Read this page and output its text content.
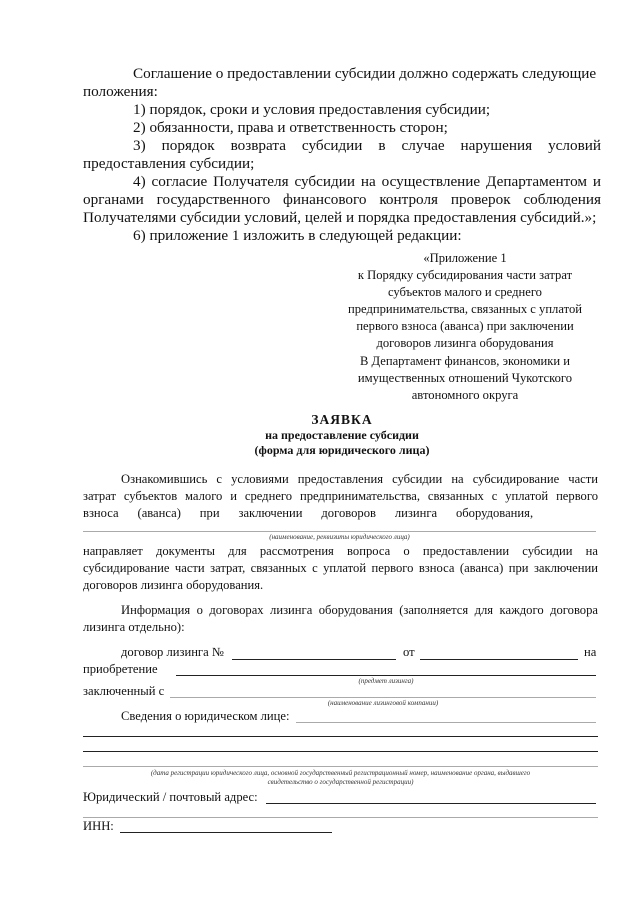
Соглашение о предоставлении субсидии должно содержать следующие
положения:
1) порядок, сроки и условия предоставления субсидии;
2) обязанности, права и ответственность сторон;
3) порядок возврата субсидии в случае нарушения условий
предоставления субсидии;
4) согласие Получателя субсидии на осуществление Департаментом и
органами государственного финансового контроля проверок соблюдения
Получателями субсидии условий, целей и порядка предоставления субсидий.»;
6) приложение 1 изложить в следующей редакции:
«Приложение 1
к Порядку субсидирования части затрат
субъектов малого и среднего
предпринимательства, связанных с уплатой
первого взноса (аванса) при заключении
договоров лизинга оборудования
В Департамент финансов, экономики и
имущественных отношений Чукотского
автономного округа
ЗАЯВКА
на предоставление субсидии
(форма для юридического лица)
Ознакомившись с условиями предоставления субсидии на субсидирование части
затрат субъектов малого и среднего предпринимательства, связанных с уплатой первого
взноса      (аванса)      при      заключении      договоров      лизинга      оборудования,
(наименование, реквизиты юридического лица)
направляет документы для рассмотрения вопроса о предоставлении субсидии на
субсидирование части затрат, связанных с уплатой первого взноса (аванса) при заключении
договоров лизинга оборудования.
Информация о договорах лизинга оборудования (заполняется для каждого договора
лизинга отдельно):
договор лизинга №	от	на
приобретение
(предмет лизинга)
заключенный с
(наименование лизинговой компании)
Сведения о юридическом лице:
(дата регистрации юридического лица, основной государственный регистрационный номер, наименование органа, выдавшего
свидетельство о государственной регистрации)
Юридический / почтовый адрес:
ИНН:
